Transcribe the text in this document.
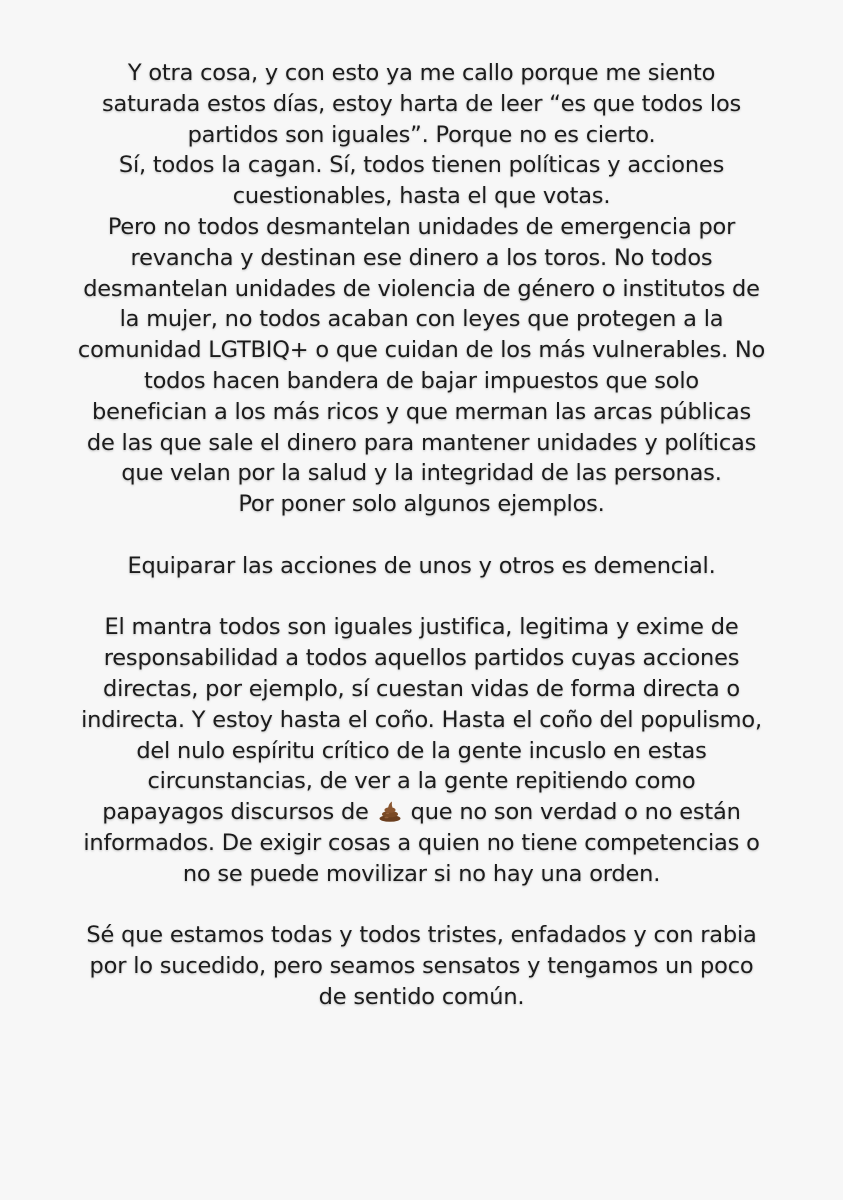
Y otra cosa, y con esto ya me callo porque me siento
saturada estos días, estoy harta de leer “es que todos los
partidos son iguales”. Porque no es cierto.
Sí, todos la cagan. Sí, todos tienen políticas y acciones
cuestionables, hasta el que votas.
Pero no todos desmantelan unidades de emergencia por
revancha y destinan ese dinero a los toros. No todos
desmantelan unidades de violencia de género o institutos de
la mujer, no todos acaban con leyes que protegen a la
comunidad LGTBIQ+ o que cuidan de los más vulnerables. No
todos hacen bandera de bajar impuestos que solo
benefician a los más ricos y que merman las arcas públicas
de las que sale el dinero para mantener unidades y políticas
que velan por la salud y la integridad de las personas.
Por poner solo algunos ejemplos.
Equiparar las acciones de unos y otros es demencial.
El mantra todos son iguales justifica, legitima y exime de
responsabilidad a todos aquellos partidos cuyas acciones
directas, por ejemplo, sí cuestan vidas de forma directa o
indirecta. Y estoy hasta el coño. Hasta el coño del populismo,
del nulo espíritu crítico de la gente incuslo en estas
circunstancias, de ver a la gente repitiendo como
papayagos discursos de que no son verdad o no están
informados. De exigir cosas a quien no tiene competencias o
no se puede movilizar si no hay una orden.
Sé que estamos todas y todos tristes, enfadados y con rabia
por lo sucedido, pero seamos sensatos y tengamos un poco
de sentido común.
